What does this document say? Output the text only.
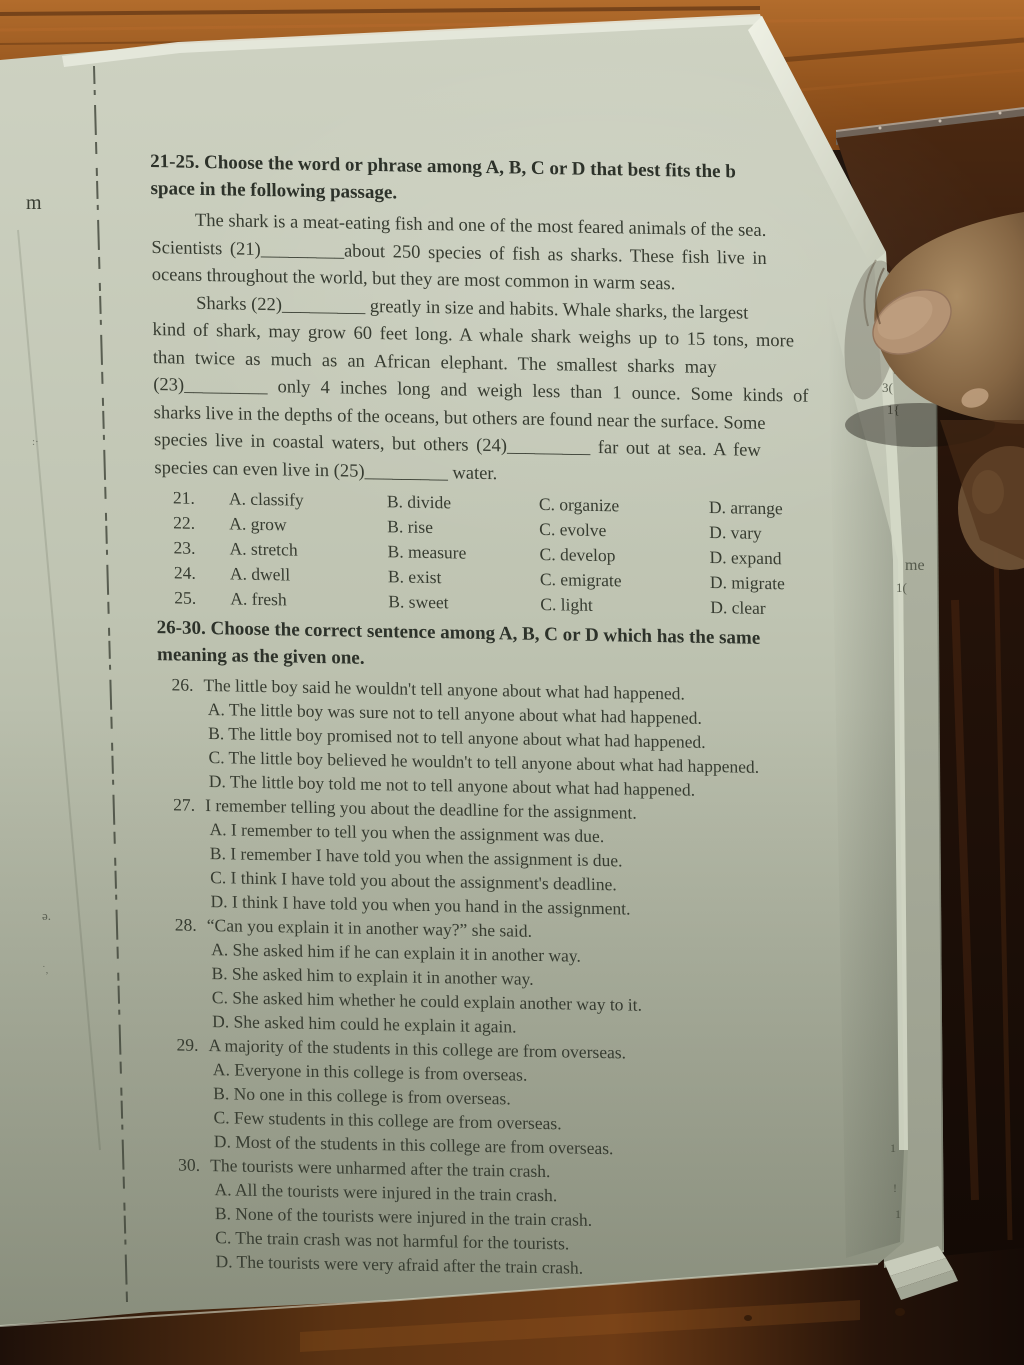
3(
me
1(
1
!
1
21-25. Choose the word or phrase among A, B, C or D that best fits the b
space in the following passage.
The shark is a meat-eating fish and one of the most feared animals of the sea.
Scientists (21)_________about 250 species of fish as sharks. These fish live in
oceans throughout the world, but they are most common in warm seas.
Sharks (22)_________ greatly in size and habits. Whale sharks, the largest
kind of shark, may grow 60 feet long. A whale shark weighs up to 15 tons, more
than twice as much as an African elephant. The smallest sharks may
(23)_________ only 4 inches long and weigh less than 1 ounce. Some kinds of
sharks live in the depths of the oceans, but others are found near the surface. Some
species live in coastal waters, but others (24)_________ far out at sea. A few
species can even live in (25)_________ water.
21.	A. classify	B. divide	C. organize	D. arrange
22.	A. grow	B. rise	C. evolve	D. vary
23.	A. stretch	B. measure	C. develop	D. expand
24.	A. dwell	B. exist	C. emigrate	D. migrate
25.	A. fresh	B. sweet	C. light	D. clear
26-30. Choose the correct sentence among A, B, C or D which has the same
meaning as the given one.
26. The little boy said he wouldn't tell anyone about what had happened.
A. The little boy was sure not to tell anyone about what had happened.
B. The little boy promised not to tell anyone about what had happened.
C. The little boy believed he wouldn't to tell anyone about what had happened.
D. The little boy told me not to tell anyone about what had happened.
27. I remember telling you about the deadline for the assignment.
A. I remember to tell you when the assignment was due.
B. I remember I have told you when the assignment is due.
C. I think I have told you about the assignment's deadline.
D. I think I have told you when you hand in the assignment.
28. “Can you explain it in another way?” she said.
A. She asked him if he can explain it in another way.
B. She asked him to explain it in another way.
C. She asked him whether he could explain another way to it.
D. She asked him could he explain it again.
29. A majority of the students in this college are from overseas.
A. Everyone in this college is from overseas.
B. No one in this college is from overseas.
C. Few students in this college are from overseas.
D. Most of the students in this college are from overseas.
30. The tourists were unharmed after the train crash.
A. All the tourists were injured in the train crash.
B. None of the tourists were injured in the train crash.
C. The train crash was not harmful for the tourists.
D. The tourists were very afraid after the train crash.
m
:·
ə.
˙,
